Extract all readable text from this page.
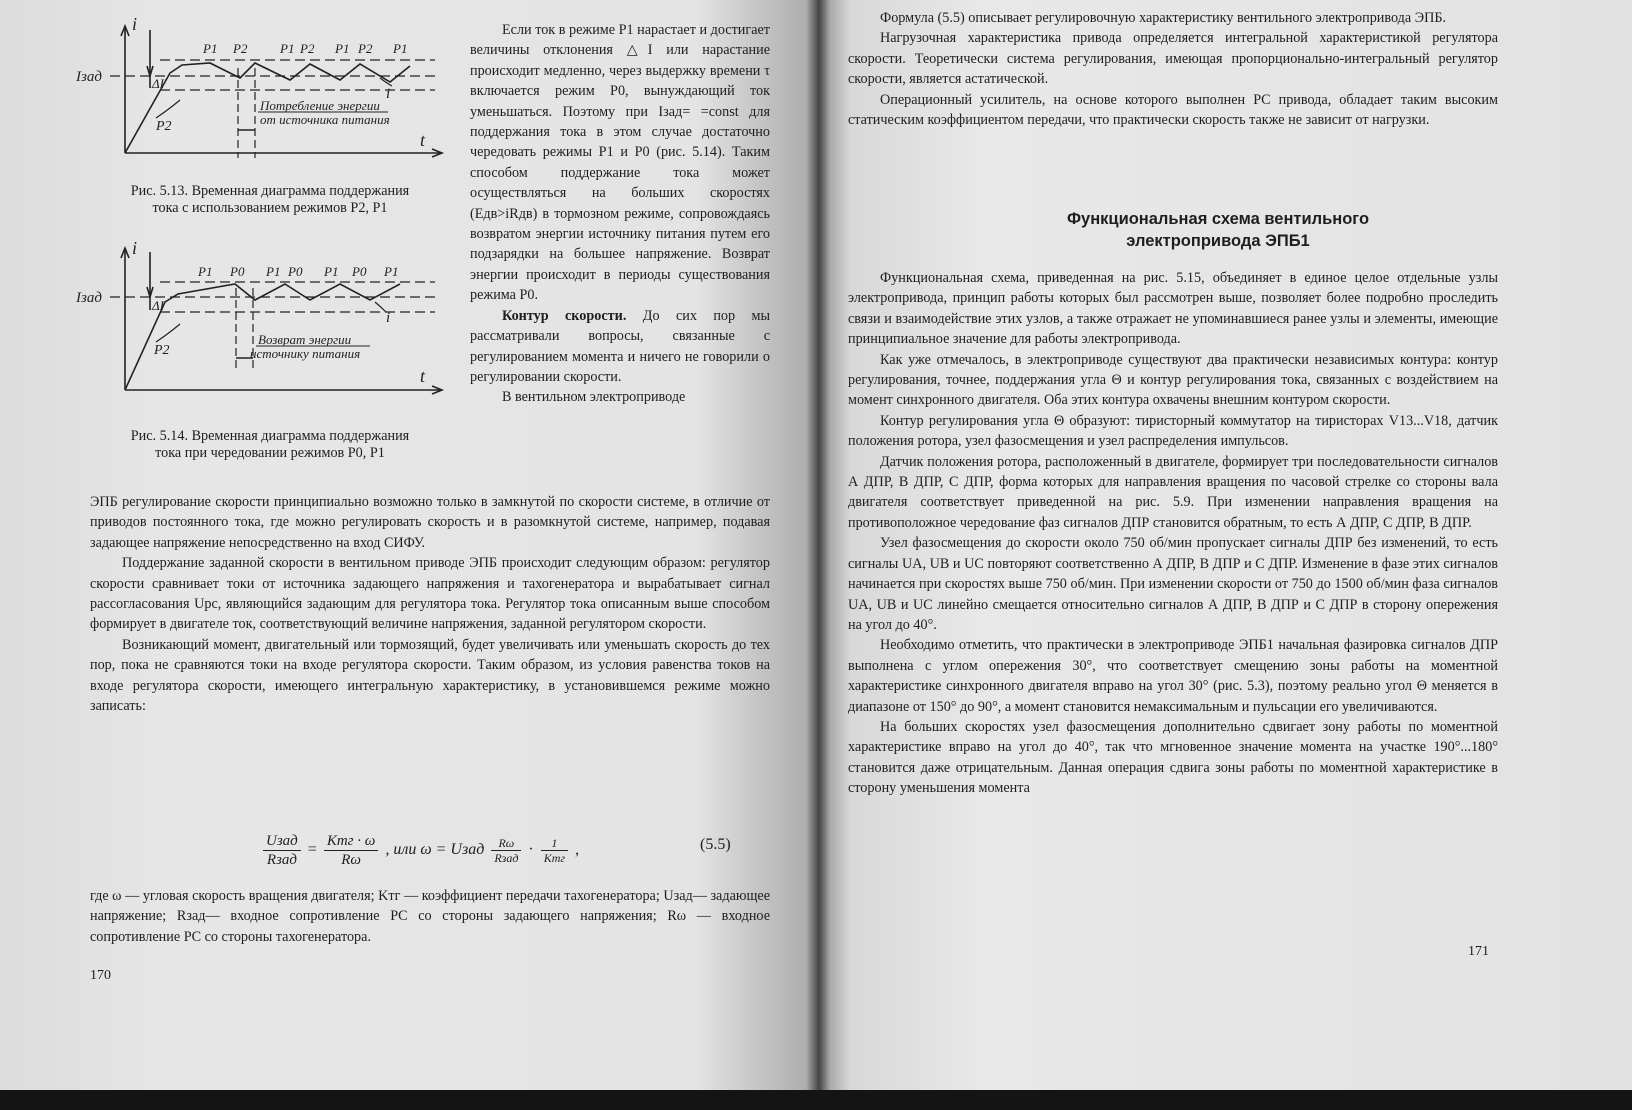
i
t
Iзад	ΔI
P2
i
P1 P2	P1 P2 P1 P2 P1
Потребление энергии
от источника питания
Рис. 5.13. Временная диаграмма поддержания
тока с использованием режимов P2, P1
i
t
Iзад	ΔI
P2
i
P1 P0 P1 P0 P1 P0 P1
Возврат энергии
источнику питания
Рис. 5.14. Временная диаграмма поддержания
тока при чередовании режимов P0, P1

Если ток в режиме P1 нарастает и достигает величины отклонения △I или нарастание происходит медленно, через выдержку времени τ включается режим P0, вынуждающий ток уменьшаться. Поэтому при Iзад= =const для поддержания тока в этом случае достаточно чередовать режимы P1 и P0 (рис. 5.14). Таким способом поддержание тока может осуществляться на больших скоростях (Eдв>iRдв) в тормозном режиме, сопровождаясь возвратом энергии источнику питания путем его подзарядки на большее напряжение. Возврат энергии происходит в периоды существования режима P0.

Контур скорости. До сих пор мы рассматривали вопросы, связанные с регулированием момента и ничего не говорили о регулировании скорости.

В вентильном электроприводе

ЭПБ регулирование скорости принципиально возможно только в замкнутой по скорости системе, в отличие от приводов постоянного тока, где можно регулировать скорость и в разомкнутой системе, например, подавая задающее напряжение непосредственно на вход СИФУ.

Поддержание заданной скорости в вентильном приводе ЭПБ происходит следующим образом: регулятор скорости сравнивает токи от источника задающего напряжения и тахогенератора и вырабатывает сигнал рассогласования Uрс, являющийся задающим для регулятора тока. Регулятор тока описанным выше способом формирует в двигателе ток, соответствующий величине напряжения, заданной регулятором скорости.

Возникающий момент, двигательный или тормозящий, будет увеличивать или уменьшать скорость до тех пор, пока не сравняются токи на входе регулятора скорости. Таким образом, из условия равенства токов на входе регулятора скорости, имеющего интегральную характеристику, в установившемся режиме можно записать:

$\frac{\text{Uзад}}{\text{Rзад}} = \frac{\text{Kтг · ω}}{R\omega}$ , или ω = Uзад $\frac{R\omega}{\text{Rзад}} \cdot \frac{1}{\text{Kтг}}$ ,	(5.5)

где ω — угловая скорость вращения двигателя; Kтг — коэффициент передачи тахогенератора; Uзад— задающее напряжение; Rзад— входное сопротивление PC со стороны задающего напряжения; Rω — входное сопротивление PC со стороны тахогенератора.

170

Формула (5.5) описывает регулировочную характеристику вентильного электропривода ЭПБ.

Нагрузочная характеристика привода определяется интегральной характеристикой регулятора скорости. Теоретически система регулирования, имеющая пропорционально-интегральный регулятор скорости, является астатической.

Операционный усилитель, на основе которого выполнен PC привода, обладает таким высоким статическим коэффициентом передачи, что практически скорость также не зависит от нагрузки.

Функциональная схема вентильного
электропривода ЭПБ1

Функциональная схема, приведенная на рис. 5.15, объединяет в единое целое отдельные узлы электропривода, принцип работы которых был рассмотрен выше, позволяет более подробно проследить связи и взаимодействие этих узлов, а также отражает не упоминавшиеся ранее узлы и элементы, имеющие принципиальное значение для работы электропривода.

Как уже отмечалось, в электроприводе существуют два практически независимых контура: контур регулирования, точнее, поддержания угла Θ и контур регулирования тока, связанных с воздействием на момент синхронного двигателя. Оба этих контура охвачены внешним контуром скорости.

Контур регулирования угла Θ образуют: тиристорный коммутатор на тиристорах V13...V18, датчик положения ротора, узел фазосмещения и узел распределения импульсов.

Датчик положения ротора, расположенный в двигателе, формирует три последовательности сигналов А ДПР, В ДПР, С ДПР, форма которых для направления вращения по часовой стрелке со стороны вала двигателя соответствует приведенной на рис. 5.9. При изменении направления вращения на противоположное чередование фаз сигналов ДПР становится обратным, то есть А ДПР, С ДПР, В ДПР.

Узел фазосмещения до скорости около 750 об/мин пропускает сигналы ДПР без изменений, то есть сигналы UA, UB и UC повторяют соответственно А ДПР, В ДПР и С ДПР. Изменение в фазе этих сигналов начинается при скоростях выше 750 об/мин. При изменении скорости от 750 до 1500 об/мин фаза сигналов UA, UB и UC линейно смещается относительно сигналов А ДПР, В ДПР и С ДПР в сторону опережения на угол до 40°.

Необходимо отметить, что практически в электроприводе ЭПБ1 начальная фазировка сигналов ДПР выполнена с углом опережения 30°, что соответствует смещению зоны работы на моментной характеристике синхронного двигателя вправо на угол 30° (рис. 5.3), поэтому реально угол Θ меняется в диапазоне от 150° до 90°, а момент становится немаксимальным и пульсации его увеличиваются.

На больших скоростях узел фазосмещения дополнительно сдвигает зону работы по моментной характеристике вправо на угол до 40°, так что мгновенное значение момента на участке 190°...180° становится даже отрицательным. Данная операция сдвига зоны работы по моментной характеристике в сторону уменьшения момента

171
